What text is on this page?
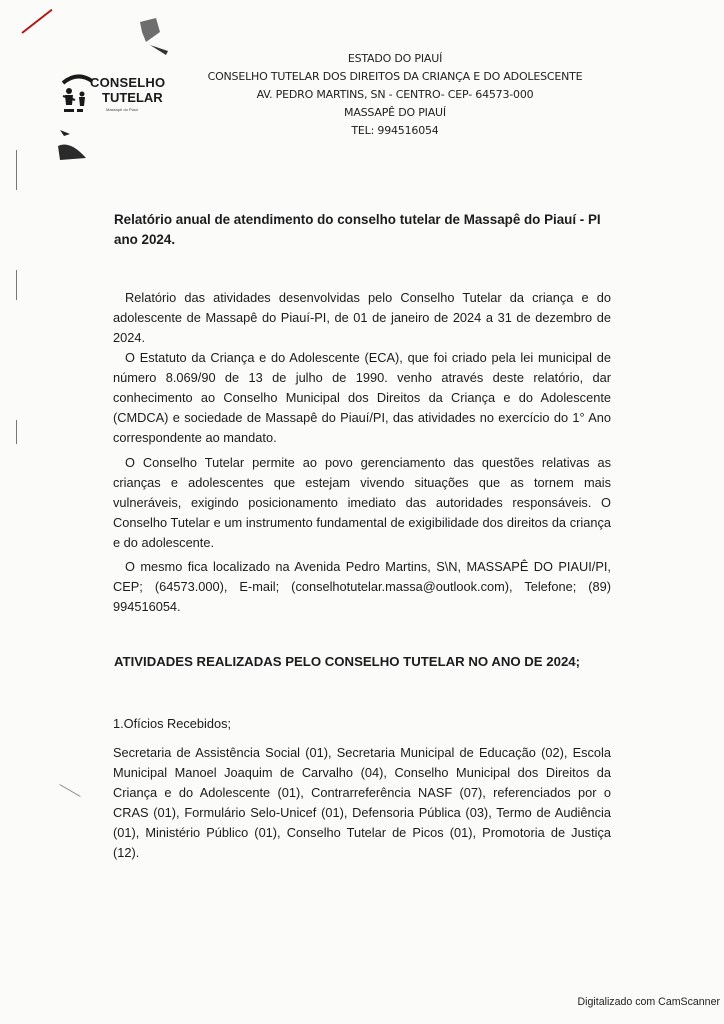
CONSELHO
TUTELAR
Massapê do Piauí
ESTADO DO PIAUÍ
CONSELHO TUTELAR DOS DIREITOS DA CRIANÇA E DO ADOLESCENTE
AV. PEDRO MARTINS, SN - CENTRO- CEP- 64573-000
MASSAPÊ DO PIAUÍ
TEL: 994516054
Relatório anual de atendimento do conselho tutelar de Massapê do Piauí - PI ano 2024.

Relatório das atividades desenvolvidas pelo Conselho Tutelar da criança e do adolescente de Massapê do Piauí-PI, de 01 de janeiro de 2024 a 31 de dezembro de 2024.

O Estatuto da Criança e do Adolescente (ECA), que foi criado pela lei municipal de número 8.069/90 de 13 de julho de 1990. venho através deste relatório, dar conhecimento ao Conselho Municipal dos Direitos da Criança e do Adolescente (CMDCA) e sociedade de Massapê do Piauí/PI, das atividades no exercício do 1° Ano correspondente ao mandato.

O Conselho Tutelar permite ao povo gerenciamento das questões relativas as crianças e adolescentes que estejam vivendo situações que as tornem mais vulneráveis, exigindo posicionamento imediato das autoridades responsáveis. O Conselho Tutelar e um instrumento fundamental de exigibilidade dos direitos da criança e do adolescente.

O mesmo fica localizado na Avenida Pedro Martins, S\N, MASSAPÊ DO PIAUI/PI, CEP; (64573.000), E-mail; (conselhotutelar.massa@outlook.com), Telefone; (89) 994516054.

ATIVIDADES REALIZADAS PELO CONSELHO TUTELAR NO ANO DE 2024;
1.Ofícios Recebidos;

Secretaria de Assistência Social (01), Secretaria Municipal de Educação (02), Escola Municipal Manoel Joaquim de Carvalho (04), Conselho Municipal dos Direitos da Criança e do Adolescente (01), Contrarreferência NASF (07), referenciados por o CRAS (01), Formulário Selo-Unicef (01), Defensoria Pública (03), Termo de Audiência (01), Ministério Público (01), Conselho Tutelar de Picos (01), Promotoria de Justiça (12).

Digitalizado com CamScanner
